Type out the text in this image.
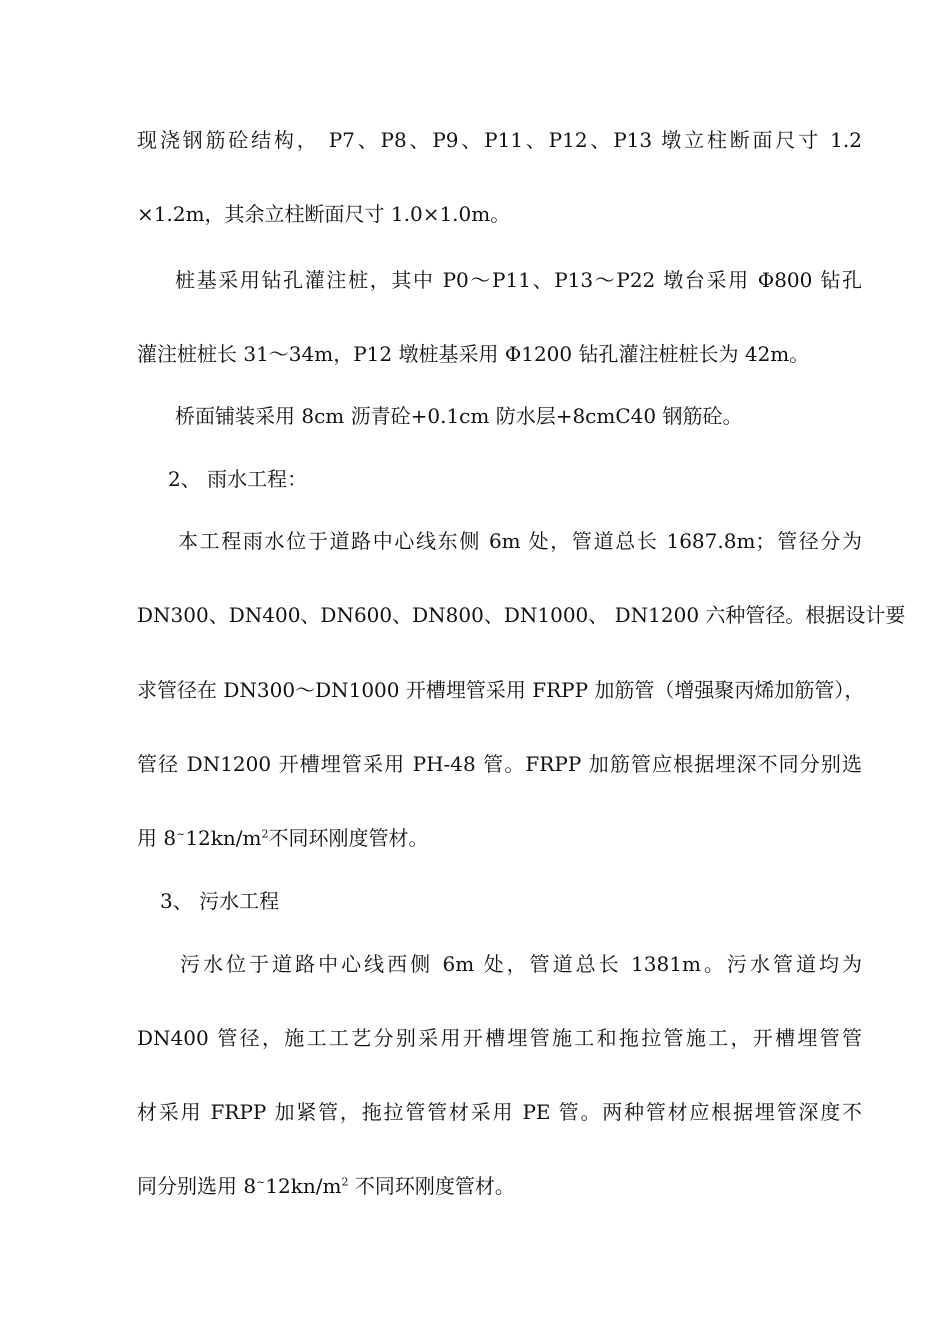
现浇钢筋砼结构， P7、P8、P9、P11、P12、P13 墩立柱断面尺寸 1.2
×1.2m，其余立柱断面尺寸 1.0×1.0m。
桩基采用钻孔灌注桩，其中 P0～P11、P13～P22 墩台采用 Φ800 钻孔
灌注桩桩长 31～34m，P12 墩桩基采用 Φ1200 钻孔灌注桩桩长为 42m。
桥面铺装采用 8cm 沥青砼+0.1cm 防水层+8cmC40 钢筋砼。
2、 雨水工程：
本工程雨水位于道路中心线东侧 6m 处，管道总长 1687.8m；管径分为
DN300、DN400、DN600、DN800、DN1000、 DN1200 六种管径。根据设计要
求管径在 DN300～DN1000 开槽埋管采用 FRPP 加筋管（增强聚丙烯加筋管），
管径 DN1200 开槽埋管采用 PH-48 管。FRPP 加筋管应根据埋深不同分别选
用 $8^\sim 12kn/m^2$不同环刚度管材。
3、 污水工程
污水位于道路中心线西侧 6m 处，管道总长 1381m。污水管道均为
DN400 管径，施工工艺分别采用开槽埋管施工和拖拉管施工，开槽埋管管
材采用 FRPP 加紧管，拖拉管管材采用 PE 管。两种管材应根据埋管深度不
同分别选用 $8^\sim 12kn/m^2$ 不同环刚度管材。
